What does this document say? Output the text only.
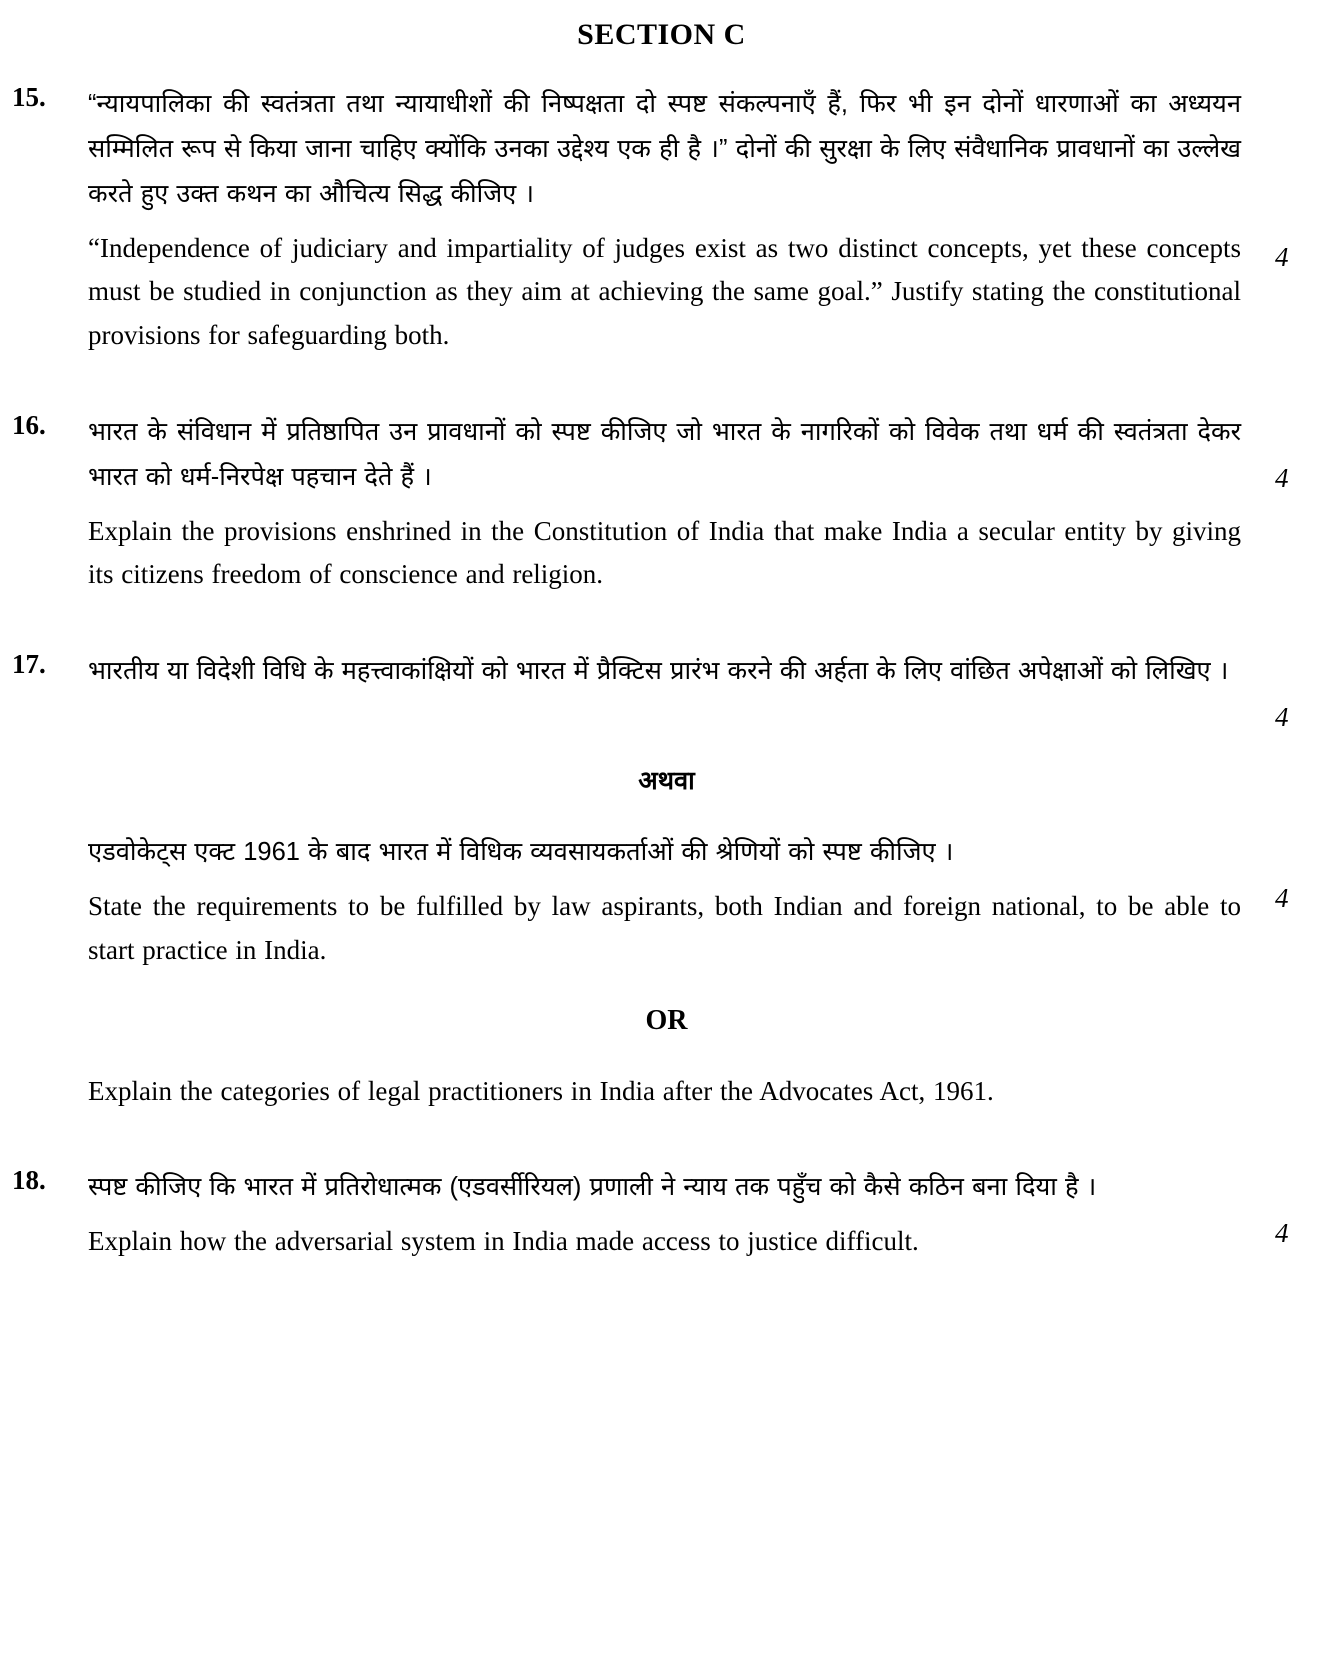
SECTION C
15.	“न्यायपालिका की स्वतंत्रता तथा न्यायाधीशों की निष्पक्षता दो स्पष्ट संकल्पनाएँ हैं, फिर भी इन दोनों धारणाओं का अध्ययन सम्मिलित रूप से किया जाना चाहिए क्योंकि उनका उद्देश्य एक ही है ।” दोनों की सुरक्षा के लिए संवैधानिक प्रावधानों का उल्लेख करते हुए उक्त कथन का औचित्य सिद्ध कीजिए ।

“Independence of judiciary and impartiality of judges exist as two distinct concepts, yet these concepts must be studied in conjunction as they aim at achieving the same goal.” Justify stating the constitutional provisions for safeguarding both.

4
16.	भारत के संविधान में प्रतिष्ठापित उन प्रावधानों को स्पष्ट कीजिए जो भारत के नागरिकों को विवेक तथा धर्म की स्वतंत्रता देकर भारत को धर्म-निरपेक्ष पहचान देते हैं ।

Explain the provisions enshrined in the Constitution of India that make India a secular entity by giving its citizens freedom of conscience and religion.

4
17.	भारतीय या विदेशी विधि के महत्त्वाकांक्षियों को भारत में प्रैक्टिस प्रारंभ करने की अर्हता के लिए वांछित अपेक्षाओं को लिखिए ।

4

अथवा

एडवोकेट्स एक्ट 1961 के बाद भारत में विधिक व्यवसायकर्ताओं की श्रेणियों को स्पष्ट कीजिए ।

State the requirements to be fulfilled by law aspirants, both Indian and foreign national, to be able to start practice in India.

4

OR

Explain the categories of legal practitioners in India after the Advocates Act, 1961.

18.	स्पष्ट कीजिए कि भारत में प्रतिरोधात्मक (एडवर्सीरियल) प्रणाली ने न्याय तक पहुँच को कैसे कठिन बना दिया है ।

Explain how the adversarial system in India made access to justice difficult.	4
